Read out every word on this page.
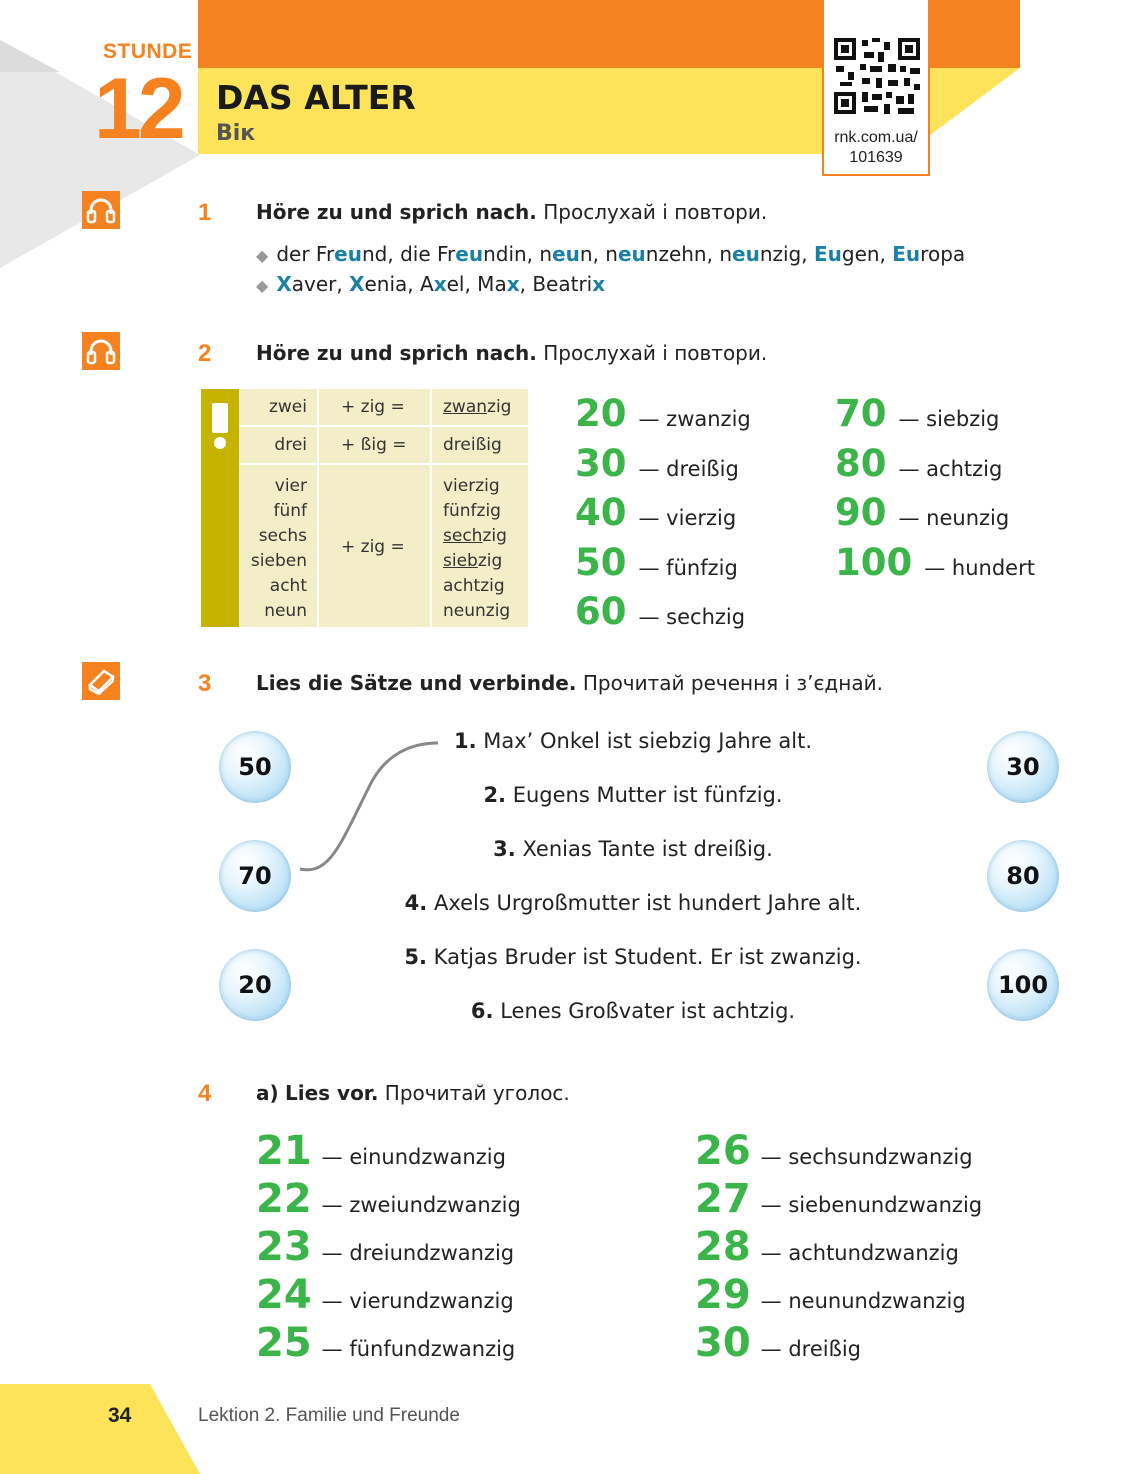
STUNDE
12 DAS ALTER
Вік	rnk.com.ua/
101639
1 Höre zu und sprich nach. Прослухай і повтори.
◆ der Freund, die Freundin, neun, neunzehn, neunzig, Eugen, Europa
◆ Xaver, Xenia, Axel, Max, Beatrix
2 Höre zu und sprich nach. Прослухай і повтори.
zwei + zig = zwanzig
drei + ßig = dreißig
vier
fünf
sechs
sieben
acht
neun
+ zig =
vierzig
fünfzig
sechzig
siebzig
achtzig
neunzig
20 — zwanzig
30 — dreißig
40 — vierzig
50 — fünfzig
60 — sechzig
70 — siebzig
80 — achtzig
90 — neunzig
100 — hundert
3 Lies die Sätze und verbinde. Прочитай речення і з’єднай.
50
70
20
30
80
100
1. Max’ Onkel ist siebzig Jahre alt.
2. Eugens Mutter ist fünfzig.
3. Xenias Tante ist dreißig.
4. Axels Urgroßmutter ist hundert Jahre alt.
5. Katjas Bruder ist Student. Er ist zwanzig.
6. Lenes Großvater ist achtzig.
4 a) Lies vor. Прочитай уголос.
21 — einundzwanzig
22 — zweiundzwanzig
23 — dreiundzwanzig
24 — vierundzwanzig
25 — fünfundzwanzig
26 — sechsundzwanzig
27 — siebenundzwanzig
28 — achtundzwanzig
29 — neunundzwanzig
30 — dreißig
34	Lektion 2. Familie und Freunde
